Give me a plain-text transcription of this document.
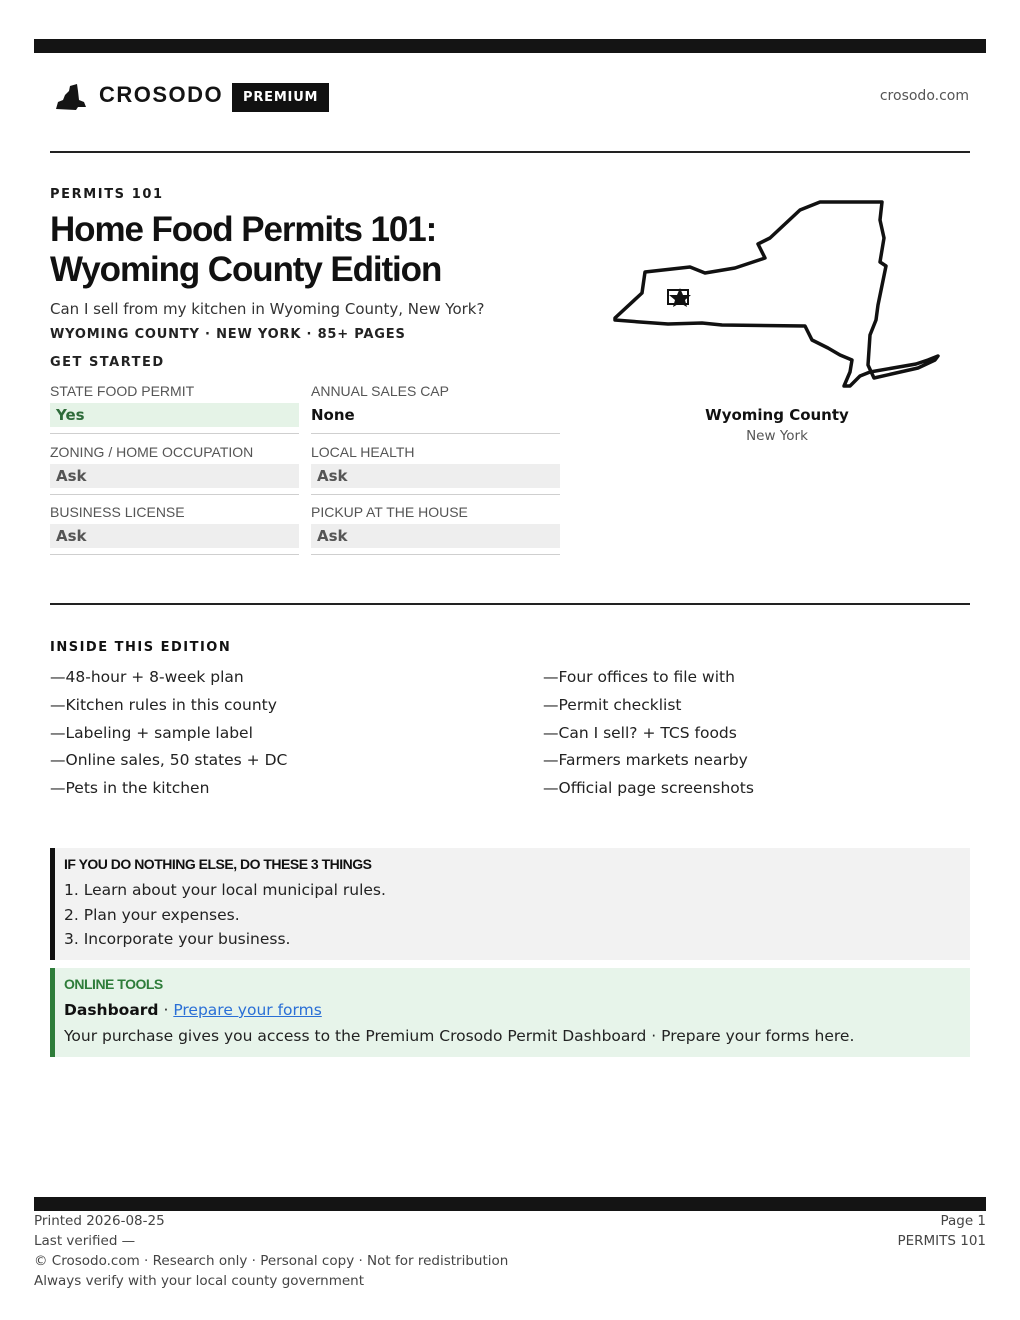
CROSODO	PREMIUM	crosodo.com
PERMITS 101
Home Food Permits 101:
Wyoming County Edition
Can I sell from my kitchen in Wyoming County, New York?
WYOMING COUNTY · NEW YORK · 85+ PAGES
GET STARTED
STATE FOOD PERMIT
Yes
ANNUAL SALES CAP
None
ZONING / HOME OCCUPATION
Ask
LOCAL HEALTH
Ask
BUSINESS LICENSE
Ask
PICKUP AT THE HOUSE
Ask
Wyoming County
New York
INSIDE THIS EDITION
—48-hour + 8-week plan
—Kitchen rules in this county
—Labeling + sample label
—Online sales, 50 states + DC
—Pets in the kitchen
—Four offices to file with
—Permit checklist
—Can I sell? + TCS foods
—Farmers markets nearby
—Official page screenshots
IF YOU DO NOTHING ELSE, DO THESE 3 THINGS
1. Learn about your local municipal rules.
2. Plan your expenses.
3. Incorporate your business.
ONLINE TOOLS
Dashboard · Prepare your forms
Your purchase gives you access to the Premium Crosodo Permit Dashboard · Prepare your forms here.
Printed 2026-08-25
Last verified —
© Crosodo.com · Research only · Personal copy · Not for redistribution
Always verify with your local county government
Page 1
PERMITS 101
